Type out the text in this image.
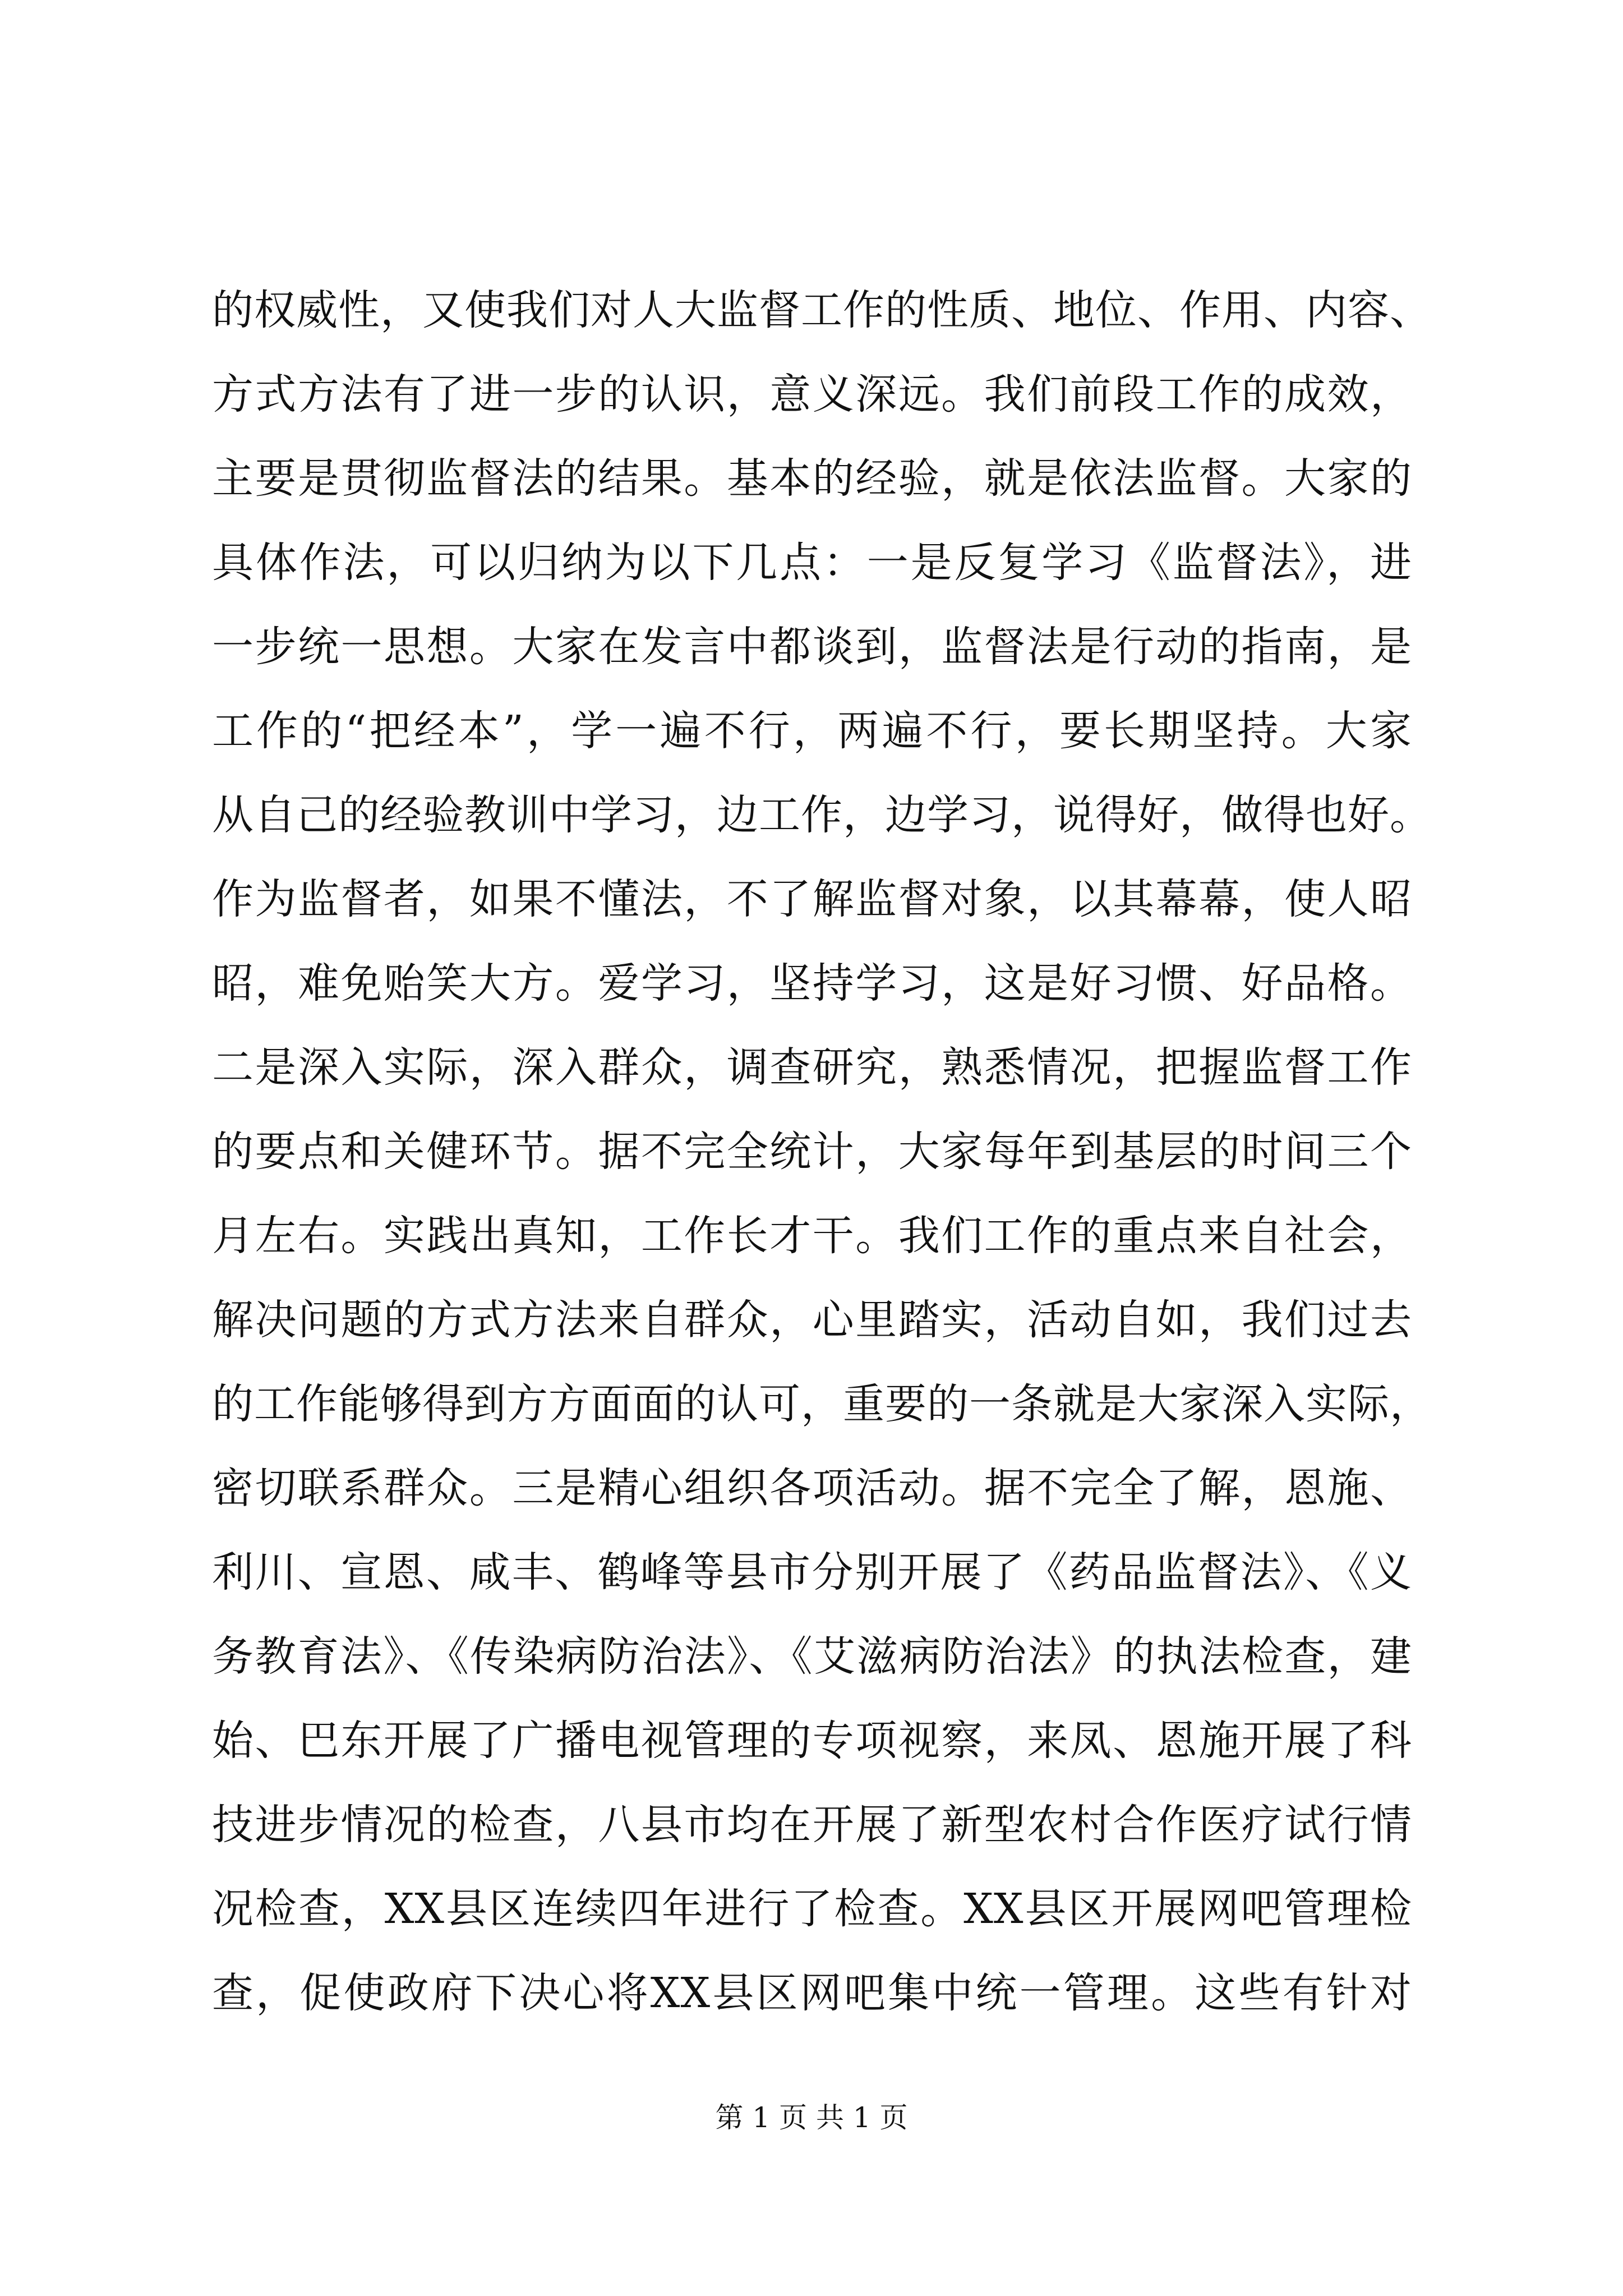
的权威性，又使我们对人大监督工作的性质、地位、作用、内容、
方式方法有了进一步的认识，意义深远。我们前段工作的成效，
主要是贯彻监督法的结果。基本的经验，就是依法监督。大家的
具体作法，可以归纳为以下几点：一是反复学习《监督法》，进
一步统一思想。大家在发言中都谈到，监督法是行动的指南，是
工作的“把经本”，学一遍不行，两遍不行，要长期坚持。大家
从自己的经验教训中学习，边工作，边学习，说得好，做得也好。
作为监督者，如果不懂法，不了解监督对象，以其幕幕，使人昭
昭，难免贻笑大方。爱学习，坚持学习，这是好习惯、好品格。
二是深入实际，深入群众，调查研究，熟悉情况，把握监督工作
的要点和关健环节。据不完全统计，大家每年到基层的时间三个
月左右。实践出真知，工作长才干。我们工作的重点来自社会，
解决问题的方式方法来自群众，心里踏实，活动自如，我们过去
的工作能够得到方方面面的认可，重要的一条就是大家深入实际，
密切联系群众。三是精心组织各项活动。据不完全了解，恩施、
利川、宣恩、咸丰、鹤峰等县市分别开展了《药品监督法》、《义
务教育法》、《传染病防治法》、《艾滋病防治法》的执法检查，建
始、巴东开展了广播电视管理的专项视察，来凤、恩施开展了科
技进步情况的检查，八县市均在开展了新型农村合作医疗试行情
况检查，XX县区连续四年进行了检查。XX县区开展网吧管理检
查，促使政府下决心将XX县区网吧集中统一管理。这些有针对
第 1 页 共 1 页
